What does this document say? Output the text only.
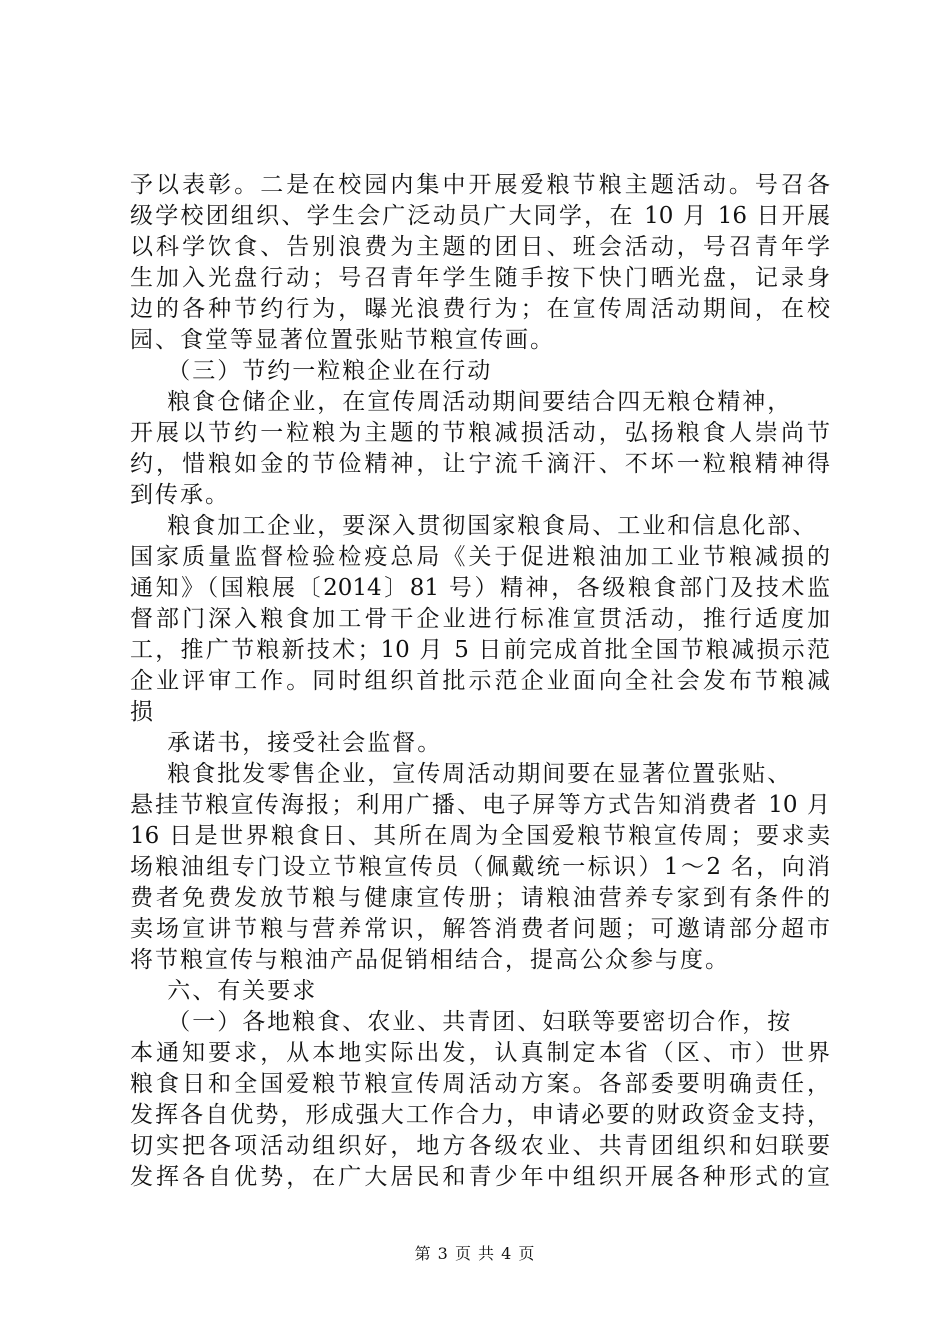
予以表彰。二是在校园内集中开展爱粮节粮主题活动。号召各
级学校团组织、学生会广泛动员广大同学，在 10 月 16 日开展
以科学饮食、告别浪费为主题的团日、班会活动，号召青年学
生加入光盘行动；号召青年学生随手按下快门晒光盘，记录身
边的各种节约行为，曝光浪费行为；在宣传周活动期间，在校
园、食堂等显著位置张贴节粮宣传画。
（三）节约一粒粮企业在行动
粮食仓储企业，在宣传周活动期间要结合四无粮仓精神，
开展以节约一粒粮为主题的节粮减损活动，弘扬粮食人崇尚节
约，惜粮如金的节俭精神，让宁流千滴汗、不坏一粒粮精神得
到传承。
粮食加工企业，要深入贯彻国家粮食局、工业和信息化部、
国家质量监督检验检疫总局《关于促进粮油加工业节粮减损的
通知》（国粮展〔2014〕81 号）精神，各级粮食部门及技术监
督部门深入粮食加工骨干企业进行标准宣贯活动，推行适度加
工，推广节粮新技术；10 月 5 日前完成首批全国节粮减损示范
企业评审工作。同时组织首批示范企业面向全社会发布节粮减
损
承诺书，接受社会监督。
粮食批发零售企业，宣传周活动期间要在显著位置张贴、
悬挂节粮宣传海报；利用广播、电子屏等方式告知消费者 10 月
16 日是世界粮食日、其所在周为全国爱粮节粮宣传周；要求卖
场粮油组专门设立节粮宣传员（佩戴统一标识）1～2 名，向消
费者免费发放节粮与健康宣传册；请粮油营养专家到有条件的
卖场宣讲节粮与营养常识，解答消费者问题；可邀请部分超市
将节粮宣传与粮油产品促销相结合，提高公众参与度。
六、有关要求
（一）各地粮食、农业、共青团、妇联等要密切合作，按
本通知要求，从本地实际出发，认真制定本省（区、市）世界
粮食日和全国爱粮节粮宣传周活动方案。各部委要明确责任，
发挥各自优势，形成强大工作合力，申请必要的财政资金支持，
切实把各项活动组织好，地方各级农业、共青团组织和妇联要
发挥各自优势，在广大居民和青少年中组织开展各种形式的宣
第 3 页 共 4 页
